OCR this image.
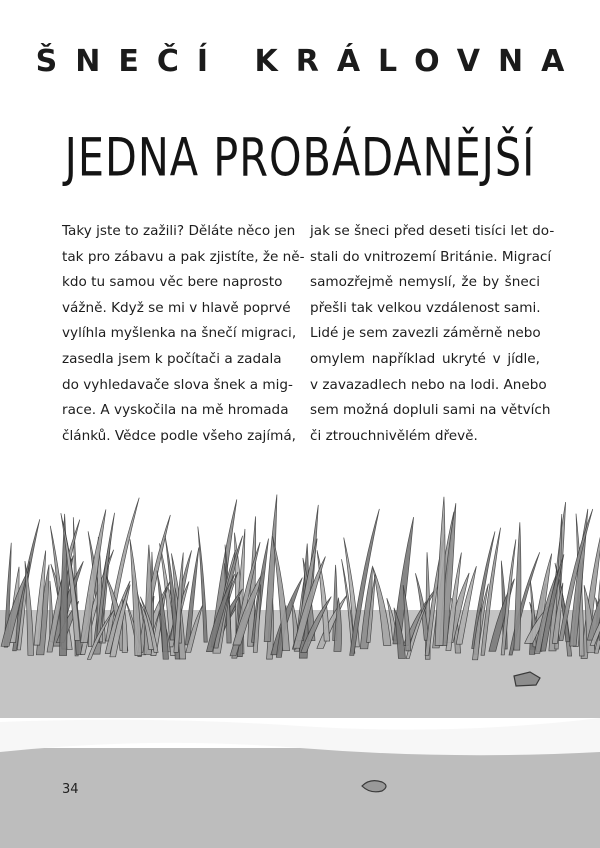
ŠNEČÍ KRÁLOVNA
JEDNA PROBÁDANĚJŠÍ
Taky jste to zažili? Děláte něco jen
tak pro zábavu a pak zjistíte, že ně-
kdo tu samou věc bere naprosto
vážně. Když se mi v hlavě poprvé
vylíhla myšlenka na šnečí migraci,
zasedla jsem k počítači a zadala
do vyhledavače slova šnek a mig-
race. A vyskočila na mě hromada
článků. Vědce podle všeho zajímá,
jak se šneci před deseti tisíci let do-
stali do vnitrozemí Británie. Migrací
samozřejmě nemyslí, že by šneci
přešli tak velkou vzdálenost sami.
Lidé je sem zavezli záměrně nebo
omylem například ukryté v jídle,
v zavazadlech nebo na lodi. Anebo
sem možná dopluli sami na větvích
či ztrouchnivělém dřevě.
34
